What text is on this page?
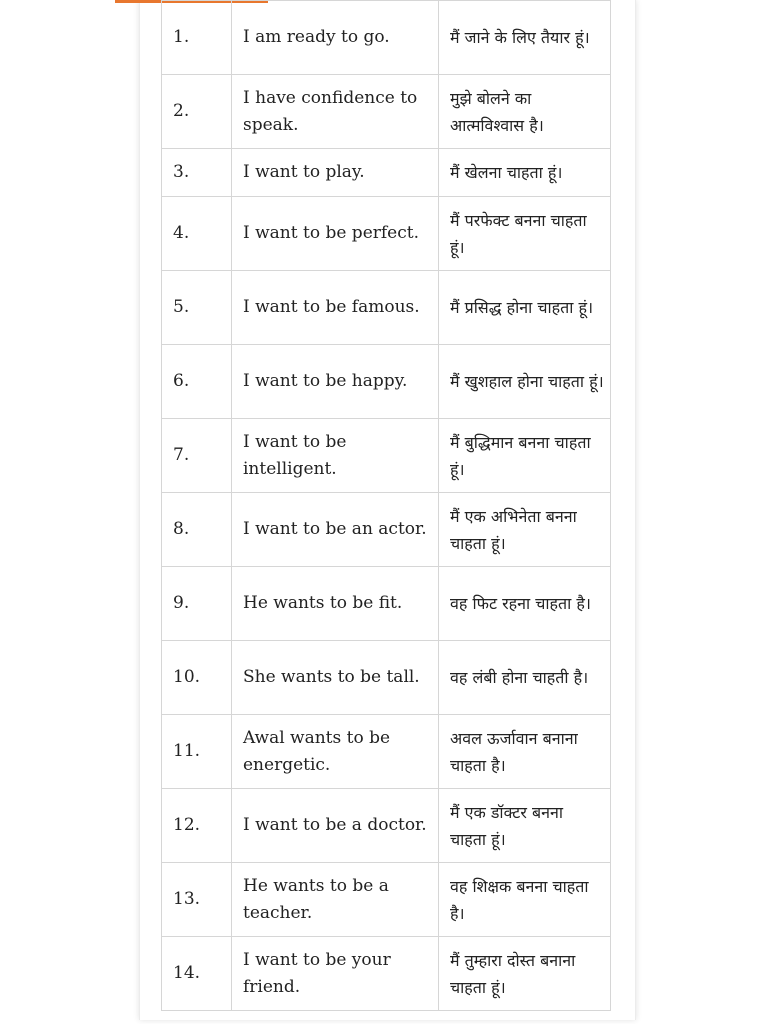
1.	I am ready to go.	मैं जाने के लिए तैयार हूं।
2.	I have confidence to speak.	मुझे बोलने का आत्मविश्वास है।
3.	I want to play.	मैं खेलना चाहता हूं।
4.	I want to be perfect.	मैं परफेक्ट बनना चाहता हूं।
5.	I want to be famous.	मैं प्रसिद्ध होना चाहता हूं।
6.	I want to be happy.	मैं खुशहाल होना चाहता हूं।
7.	I want to be intelligent.	मैं बुद्धिमान बनना चाहता हूं।
8.	I want to be an actor.	मैं एक अभिनेता बनना चाहता हूं।
9.	He wants to be fit.	वह फिट रहना चाहता है।
10.	She wants to be tall.	वह लंबी होना चाहती है।
11.	Awal wants to be energetic.	अवल ऊर्जावान बनाना चाहता है।
12.	I want to be a doctor.	मैं एक डॉक्टर बनना चाहता हूं।
13.	He wants to be a teacher.	वह शिक्षक बनना चाहता है।
14.	I want to be your friend.	मैं तुम्हारा दोस्त बनाना चाहता हूं।
